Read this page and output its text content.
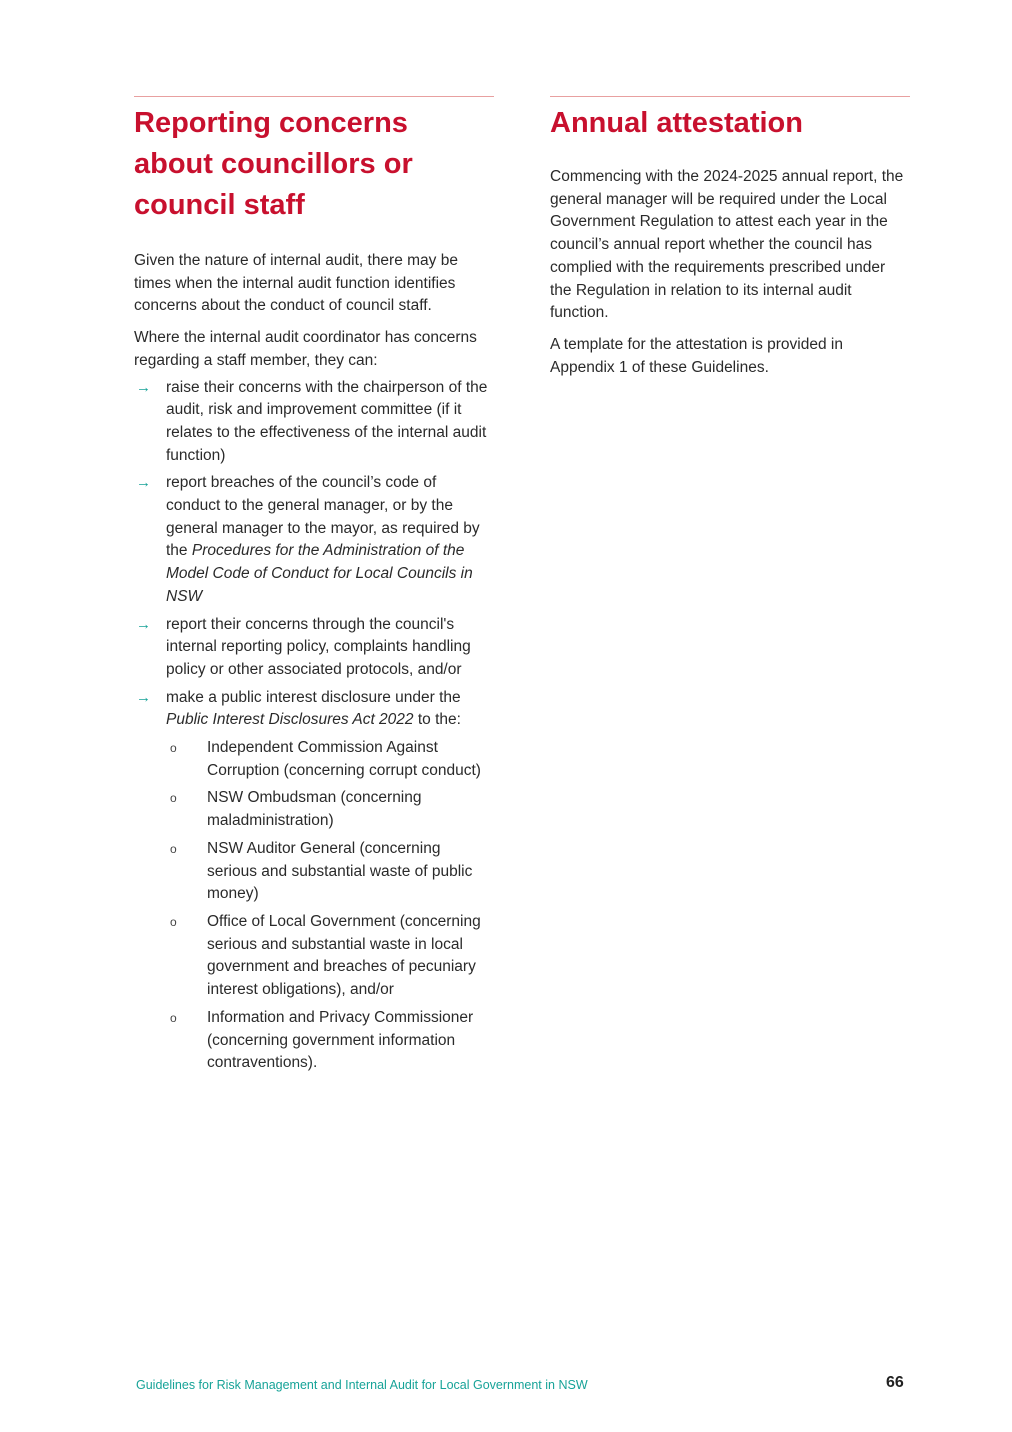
Reporting concerns about councillors or council staff

Given the nature of internal audit, there may be times when the internal audit function identifies concerns about the conduct of council staff.

Where the internal audit coordinator has concerns regarding a staff member, they can:

→ raise their concerns with the chairperson of the audit, risk and improvement committee (if it relates to the effectiveness of the internal audit function)
→ report breaches of the council’s code of conduct to the general manager, or by the general manager to the mayor, as required by the Procedures for the Administration of the Model Code of Conduct for Local Councils in NSW
→ report their concerns through the council's internal reporting policy, complaints handling policy or other associated protocols, and/or
→ make a public interest disclosure under the Public Interest Disclosures Act 2022 to the:
o Independent Commission Against Corruption (concerning corrupt conduct)
o NSW Ombudsman (concerning maladministration)
o NSW Auditor General (concerning serious and substantial waste of public money)
o Office of Local Government (concerning serious and substantial waste in local government and breaches of pecuniary interest obligations), and/or
o Information and Privacy Commissioner (concerning government information contraventions).
Annual attestation

Commencing with the 2024-2025 annual report, the general manager will be required under the Local Government Regulation to attest each year in the council’s annual report whether the council has complied with the requirements prescribed under the Regulation in relation to its internal audit function.

A template for the attestation is provided in Appendix 1 of these Guidelines.

Guidelines for Risk Management and Internal Audit for Local Government in NSW	66
